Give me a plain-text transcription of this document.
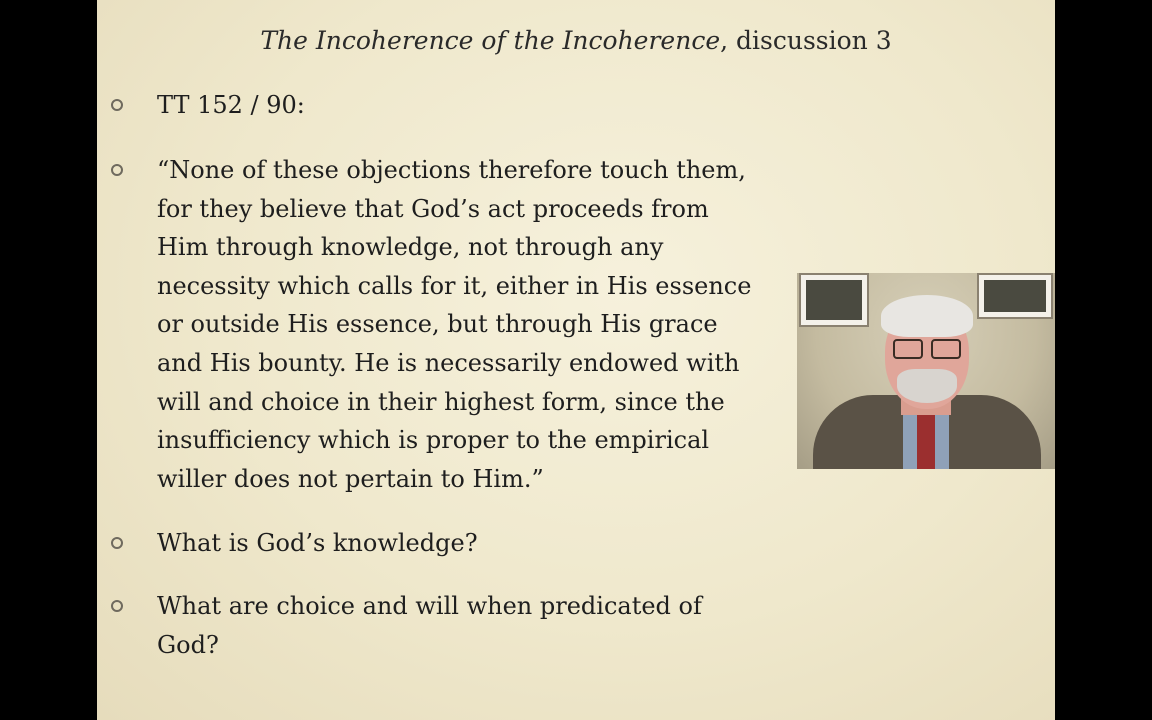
The Incoherence of the Incoherence, discussion 3
TT 152 / 90:
“None of these objections therefore touch them,
for they believe that God’s act proceeds from
Him through knowledge, not through any
necessity which calls for it, either in His essence
or outside His essence, but through His grace
and His bounty. He is necessarily endowed with
will and choice in their highest form, since the
insufficiency which is proper to the empirical
willer does not pertain to Him.”
What is God’s knowledge?
What are choice and will when predicated of
God?
